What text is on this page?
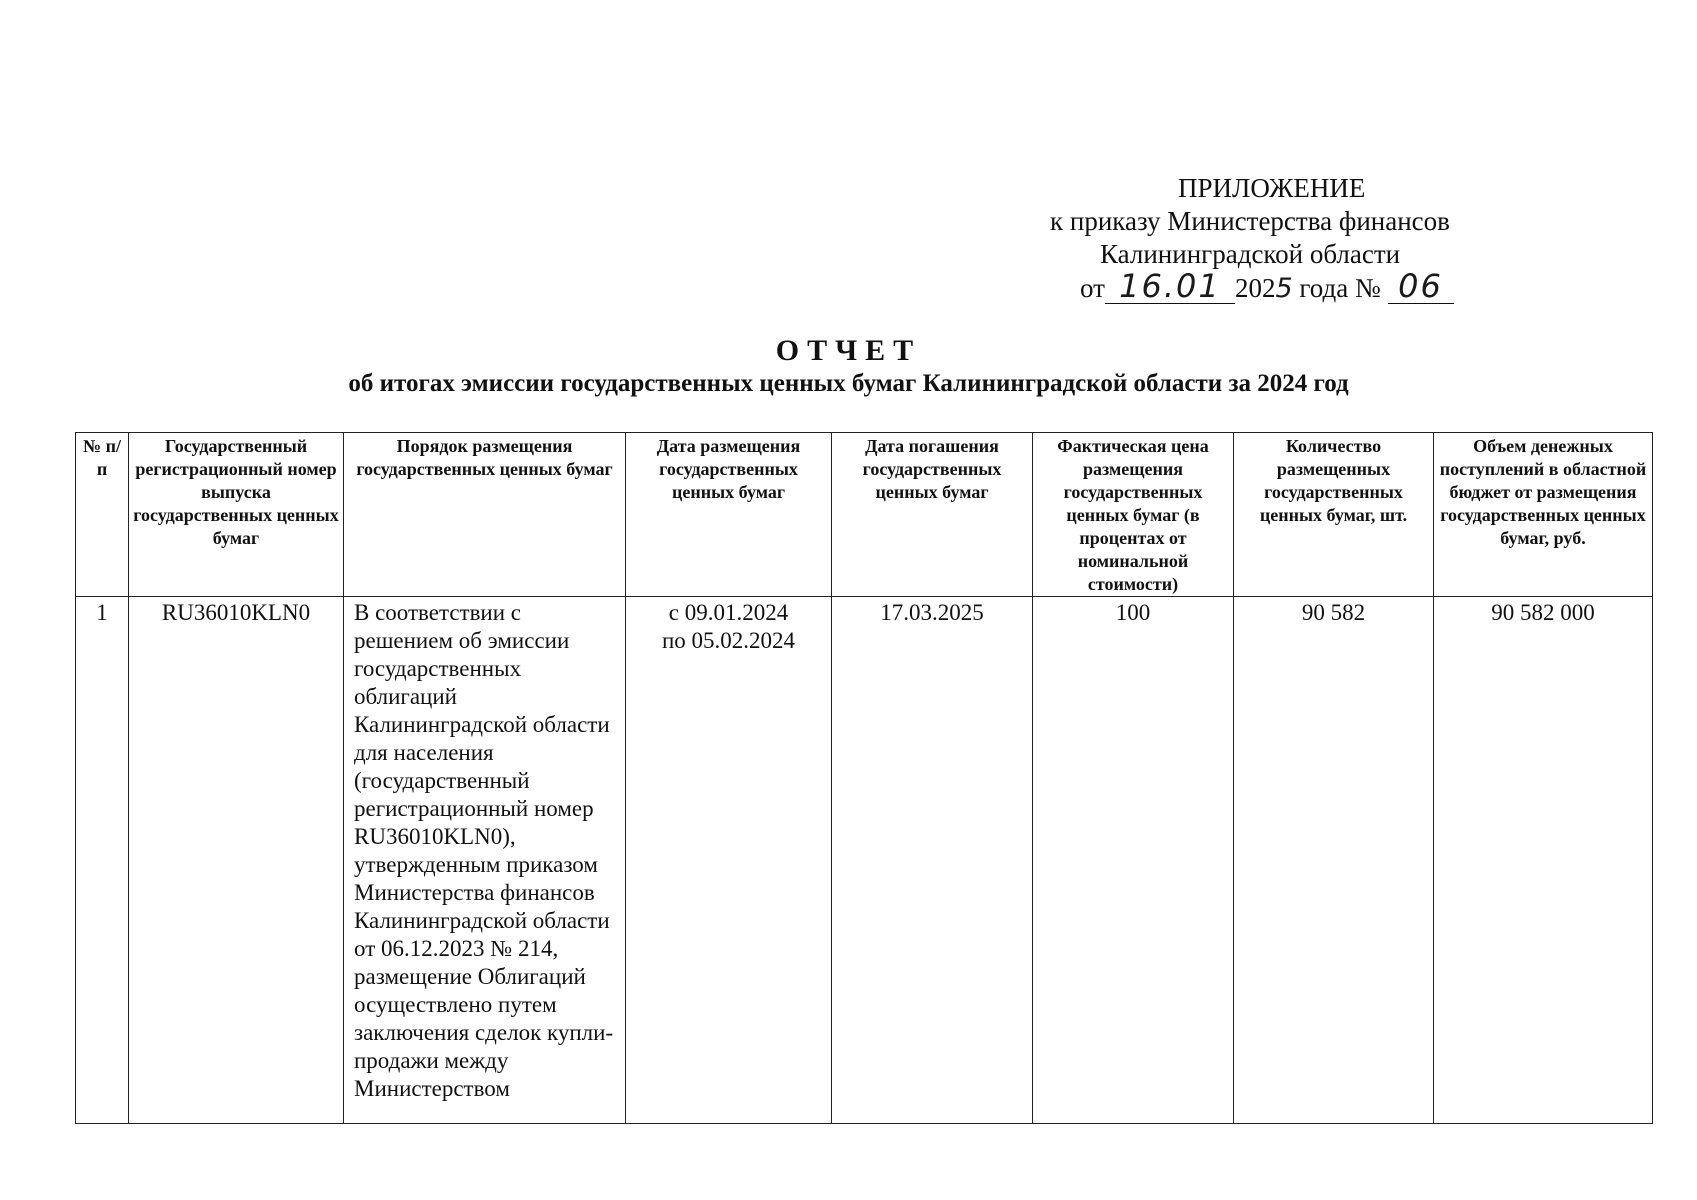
ПРИЛОЖЕНИЕ
к приказу Министерства финансов
Калининградской области
от 16.01 2025 года № 06
ОТЧЕТ
об итогах эмиссии государственных ценных бумаг Калининградской области за 2024 год
№ п/п	Государственный регистрационный номер выпуска государственных ценных бумаг	Порядок размещения государственных ценных бумаг	Дата размещения государственных ценных бумаг	Дата погашения государственных ценных бумаг	Фактическая цена размещения государственных ценных бумаг (в процентах от номинальной стоимости)	Количество размещенных государственных ценных бумаг, шт.	Объем денежных поступлений в областной бюджет от размещения государственных ценных бумаг, руб.
1	RU36010KLN0	В соответствии с решением об эмиссии государственных облигаций Калининградской области для населения (государственный регистрационный номер RU36010KLN0), утвержденным приказом Министерства финансов Калининградской области от 06.12.2023 № 214, размещение Облигаций осуществлено путем заключения сделок купли-продажи между Министерством	с 09.01.2024
по 05.02.2024	17.03.2025	100	90 582	90 582 000
